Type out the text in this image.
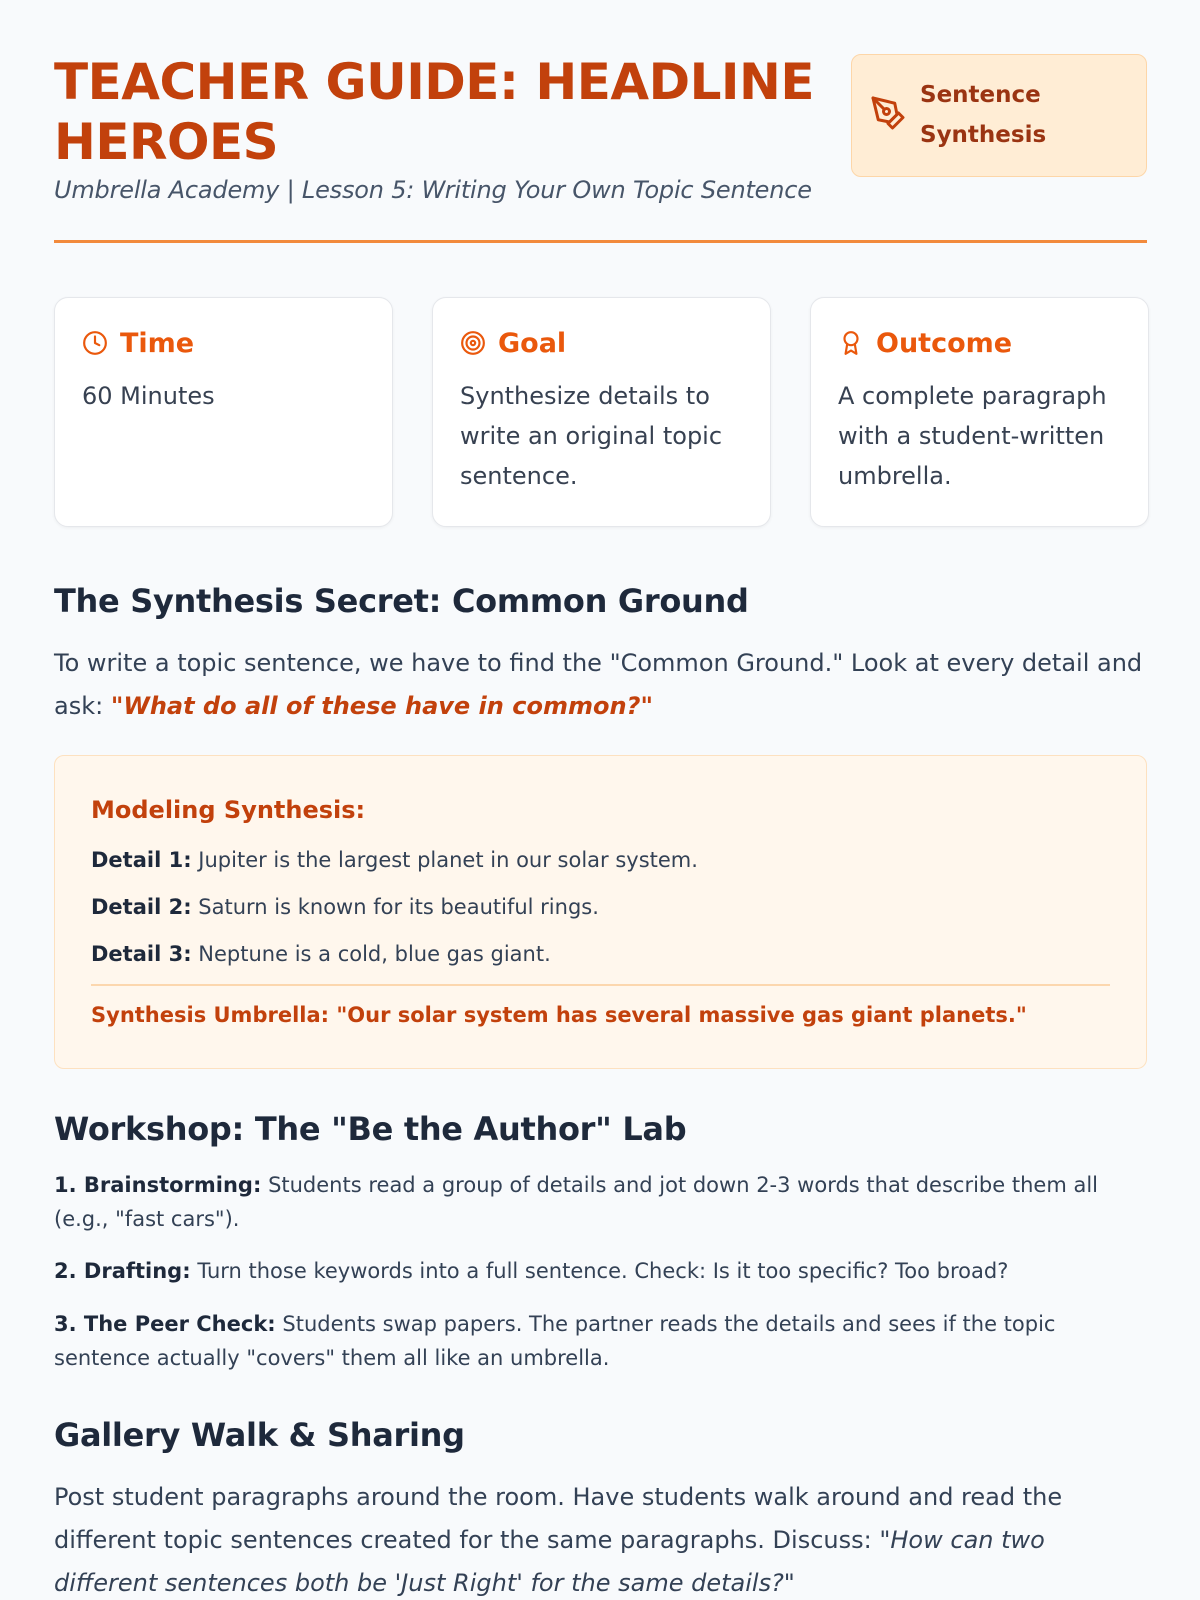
TEACHER GUIDE: HEADLINE HEROES
Umbrella Academy | Lesson 5: Writing Your Own Topic Sentence
Sentence Synthesis
Time
60 Minutes
Goal
Synthesize details to write an original topic sentence.
Outcome
A complete paragraph with a student-written umbrella.
The Synthesis Secret: Common Ground
To write a topic sentence, we have to find the "Common Ground." Look at every detail and ask: "What do all of these have in common?"
Modeling Synthesis:
Detail 1: Jupiter is the largest planet in our solar system.
Detail 2: Saturn is known for its beautiful rings.
Detail 3: Neptune is a cold, blue gas giant.
Synthesis Umbrella: "Our solar system has several massive gas giant planets."
Workshop: The "Be the Author" Lab
1. Brainstorming: Students read a group of details and jot down 2-3 words that describe them all (e.g., "fast cars").
2. Drafting: Turn those keywords into a full sentence. Check: Is it too specific? Too broad?
3. The Peer Check: Students swap papers. The partner reads the details and sees if the topic sentence actually "covers" them all like an umbrella.
Gallery Walk & Sharing
Post student paragraphs around the room. Have students walk around and read the different topic sentences created for the same paragraphs. Discuss: "How can two different sentences both be 'Just Right' for the same details?"
